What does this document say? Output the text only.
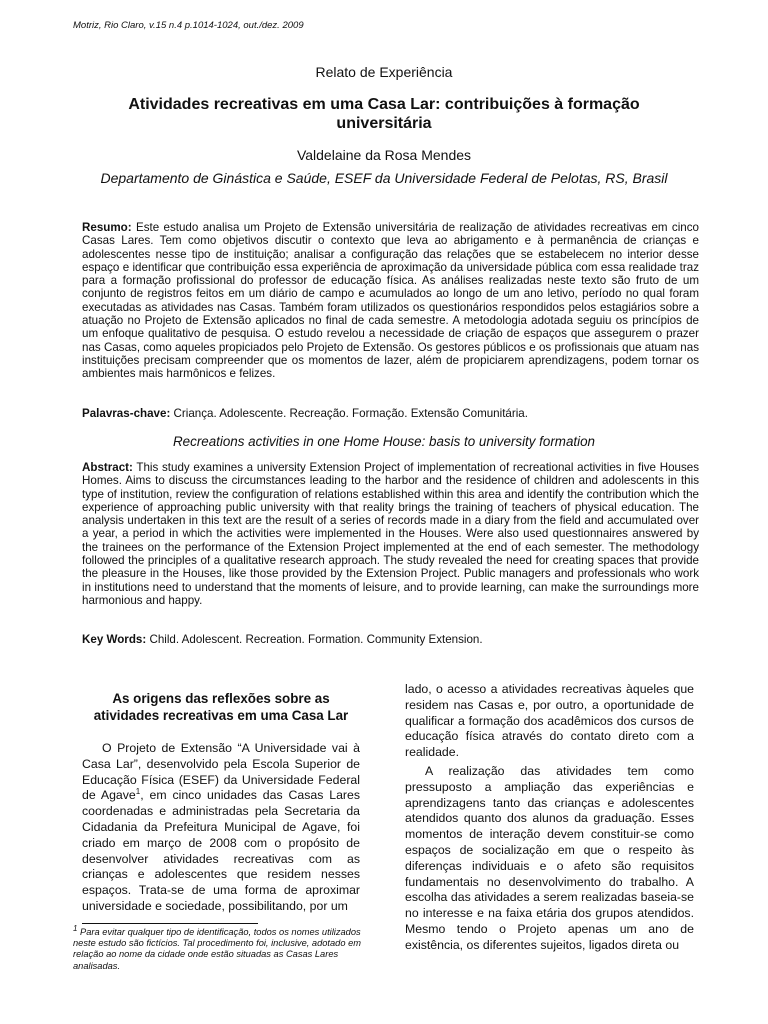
Motriz, Rio Claro, v.15 n.4 p.1014-1024, out./dez. 2009
Relato de Experiência
Atividades recreativas em uma Casa Lar: contribuições à formação universitária
Valdelaine da Rosa Mendes
Departamento de Ginástica e Saúde, ESEF da Universidade Federal de Pelotas, RS, Brasil
Resumo: Este estudo analisa um Projeto de Extensão universitária de realização de atividades recreativas em cinco Casas Lares. Tem como objetivos discutir o contexto que leva ao abrigamento e à permanência de crianças e adolescentes nesse tipo de instituição; analisar a configuração das relações que se estabelecem no interior desse espaço e identificar que contribuição essa experiência de aproximação da universidade pública com essa realidade traz para a formação profissional do professor de educação física. As análises realizadas neste texto são fruto de um conjunto de registros feitos em um diário de campo e acumulados ao longo de um ano letivo, período no qual foram executadas as atividades nas Casas. Também foram utilizados os questionários respondidos pelos estagiários sobre a atuação no Projeto de Extensão aplicados no final de cada semestre. A metodologia adotada seguiu os princípios de um enfoque qualitativo de pesquisa. O estudo revelou a necessidade de criação de espaços que assegurem o prazer nas Casas, como aqueles propiciados pelo Projeto de Extensão. Os gestores públicos e os profissionais que atuam nas instituições precisam compreender que os momentos de lazer, além de propiciarem aprendizagens, podem tornar os ambientes mais harmônicos e felizes.
Palavras-chave: Criança. Adolescente. Recreação. Formação. Extensão Comunitária.
Recreations activities in one Home House: basis to university formation
Abstract: This study examines a university Extension Project of implementation of recreational activities in five Houses Homes. Aims to discuss the circumstances leading to the harbor and the residence of children and adolescents in this type of institution, review the configuration of relations established within this area and identify the contribution which the experience of approaching public university with that reality brings the training of teachers of physical education. The analysis undertaken in this text are the result of a series of records made in a diary from the field and accumulated over a year, a period in which the activities were implemented in the Houses. Were also used questionnaires answered by the trainees on the performance of the Extension Project implemented at the end of each semester. The methodology followed the principles of a qualitative research approach. The study revealed the need for creating spaces that provide the pleasure in the Houses, like those provided by the Extension Project. Public managers and professionals who work in institutions need to understand that the moments of leisure, and to provide learning, can make the surroundings more harmonious and happy.
Key Words: Child. Adolescent. Recreation. Formation. Community Extension.
As origens das reflexões sobre as atividades recreativas em uma Casa Lar

O Projeto de Extensão “A Universidade vai à Casa Lar”, desenvolvido pela Escola Superior de Educação Física (ESEF) da Universidade Federal de Agave$^1$, em cinco unidades das Casas Lares coordenadas e administradas pela Secretaria da Cidadania da Prefeitura Municipal de Agave, foi criado em março de 2008 com o propósito de desenvolver atividades recreativas com as crianças e adolescentes que residem nesses espaços. Trata-se de uma forma de aproximar universidade e sociedade, possibilitando, por um

lado, o acesso a atividades recreativas àqueles que residem nas Casas e, por outro, a oportunidade de qualificar a formação dos acadêmicos dos cursos de educação física através do contato direto com a realidade.

A realização das atividades tem como pressuposto a ampliação das experiências e aprendizagens tanto das crianças e adolescentes atendidos quanto dos alunos da graduação. Esses momentos de interação devem constituir-se como espaços de socialização em que o respeito às diferenças individuais e o afeto são requisitos fundamentais no desenvolvimento do trabalho. A escolha das atividades a serem realizadas baseia-se no interesse e na faixa etária dos grupos atendidos. Mesmo tendo o Projeto apenas um ano de existência, os diferentes sujeitos, ligados direta ou

$^1$ Para evitar qualquer tipo de identificação, todos os nomes utilizados neste estudo são fictícios. Tal procedimento foi, inclusive, adotado em relação ao nome da cidade onde estão situadas as Casas Lares analisadas.
